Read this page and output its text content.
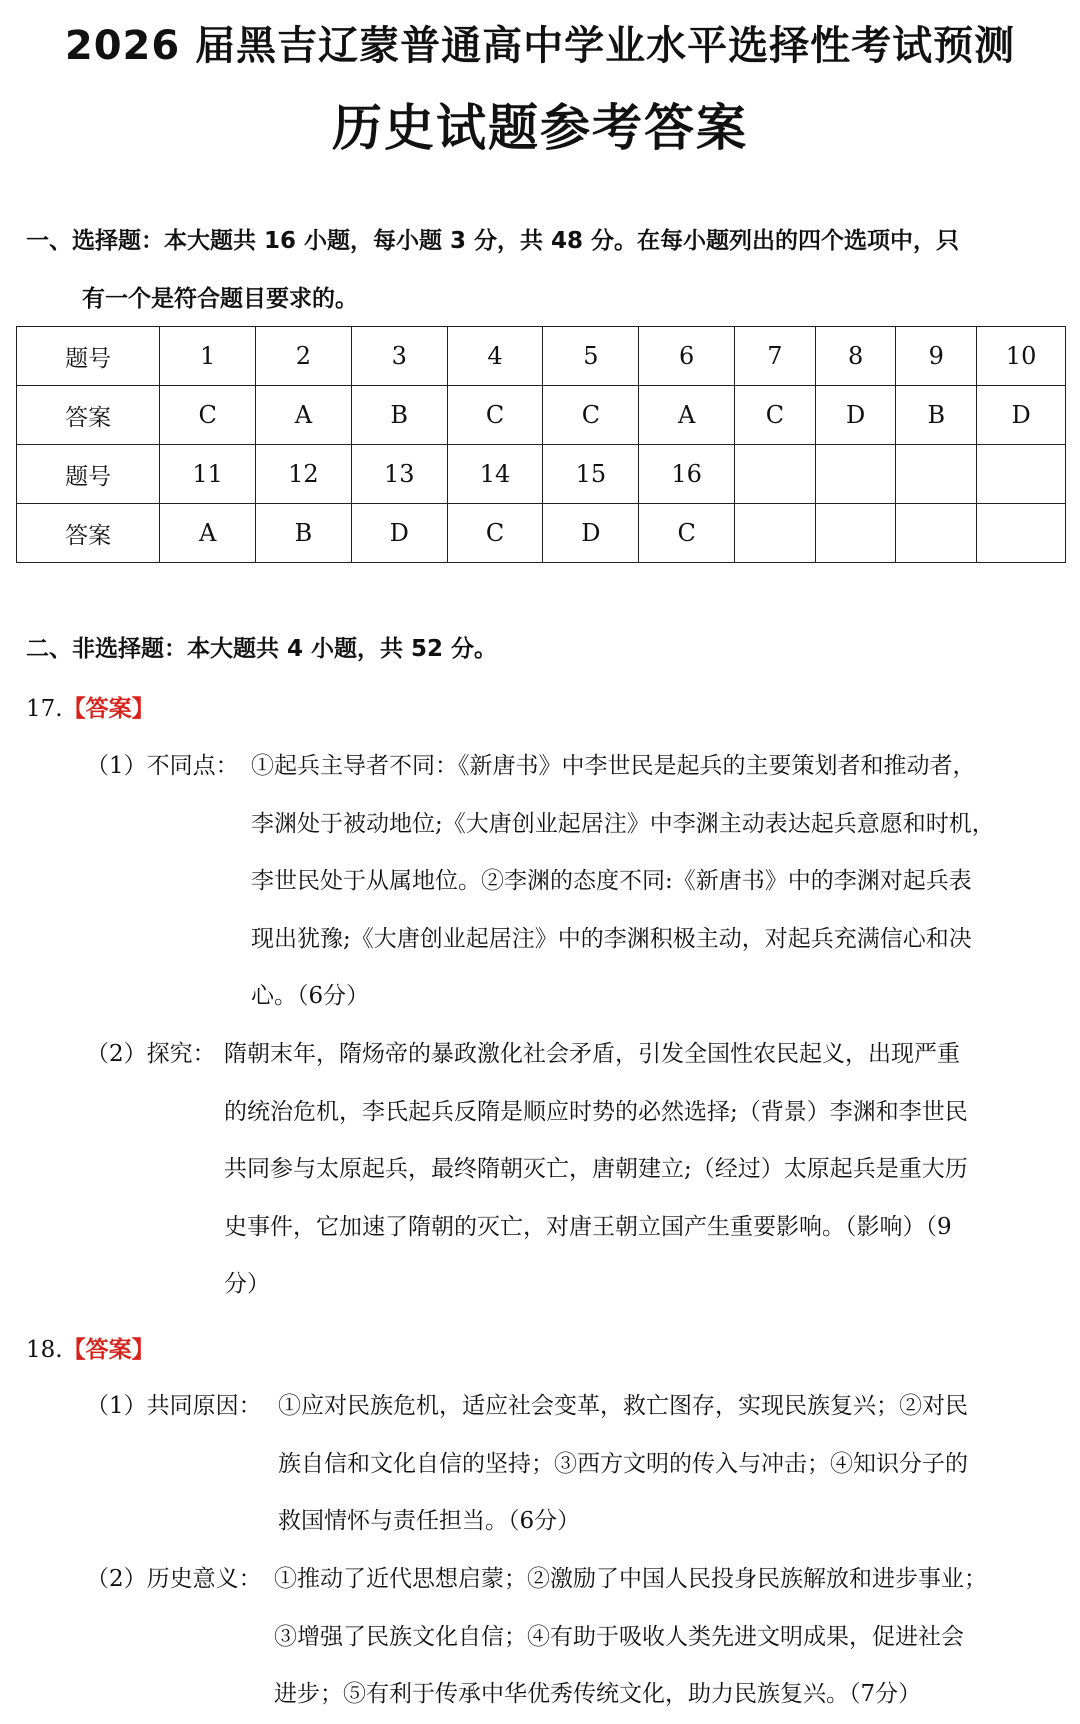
2026 届黑吉辽蒙普通高中学业水平选择性考试预测
历史试题参考答案
一、选择题：本大题共 16 小题，每小题 3 分，共 48 分。在每小题列出的四个选项中，只
有一个是符合题目要求的。
题号	1	2	3	4	5	6	7	8	9	10
答案	C	A	B	C	C	A	C	D	B	D
题号	11	12	13	14	15	16				
答案	A	B	D	C	D	C				
二、非选择题：本大题共 4 小题，共 52 分。
17.【答案】
（1）不同点： ①起兵主导者不同：《新唐书》中李世民是起兵的主要策划者和推动者，
李渊处于被动地位;《大唐创业起居注》中李渊主动表达起兵意愿和时机，
李世民处于从属地位。②李渊的态度不同:《新唐书》中的李渊对起兵表
现出犹豫;《大唐创业起居注》中的李渊积极主动，对起兵充满信心和决
心。（6分）
（2）探究： 隋朝末年，隋炀帝的暴政激化社会矛盾，引发全国性农民起义，出现严重
的统治危机，李氏起兵反隋是顺应时势的必然选择;（背景）李渊和李世民
共同参与太原起兵，最终隋朝灭亡，唐朝建立;（经过）太原起兵是重大历
史事件，它加速了隋朝的灭亡，对唐王朝立国产生重要影响。（影响）（9
分）
18.【答案】
（1）共同原因： ①应对民族危机，适应社会变革，救亡图存，实现民族复兴；②对民
族自信和文化自信的坚持；③西方文明的传入与冲击；④知识分子的
救国情怀与责任担当。（6分）
（2）历史意义： ①推动了近代思想启蒙；②激励了中国人民投身民族解放和进步事业；
③增强了民族文化自信；④有助于吸收人类先进文明成果，促进社会
进步；⑤有利于传承中华优秀传统文化，助力民族复兴。（7分）
